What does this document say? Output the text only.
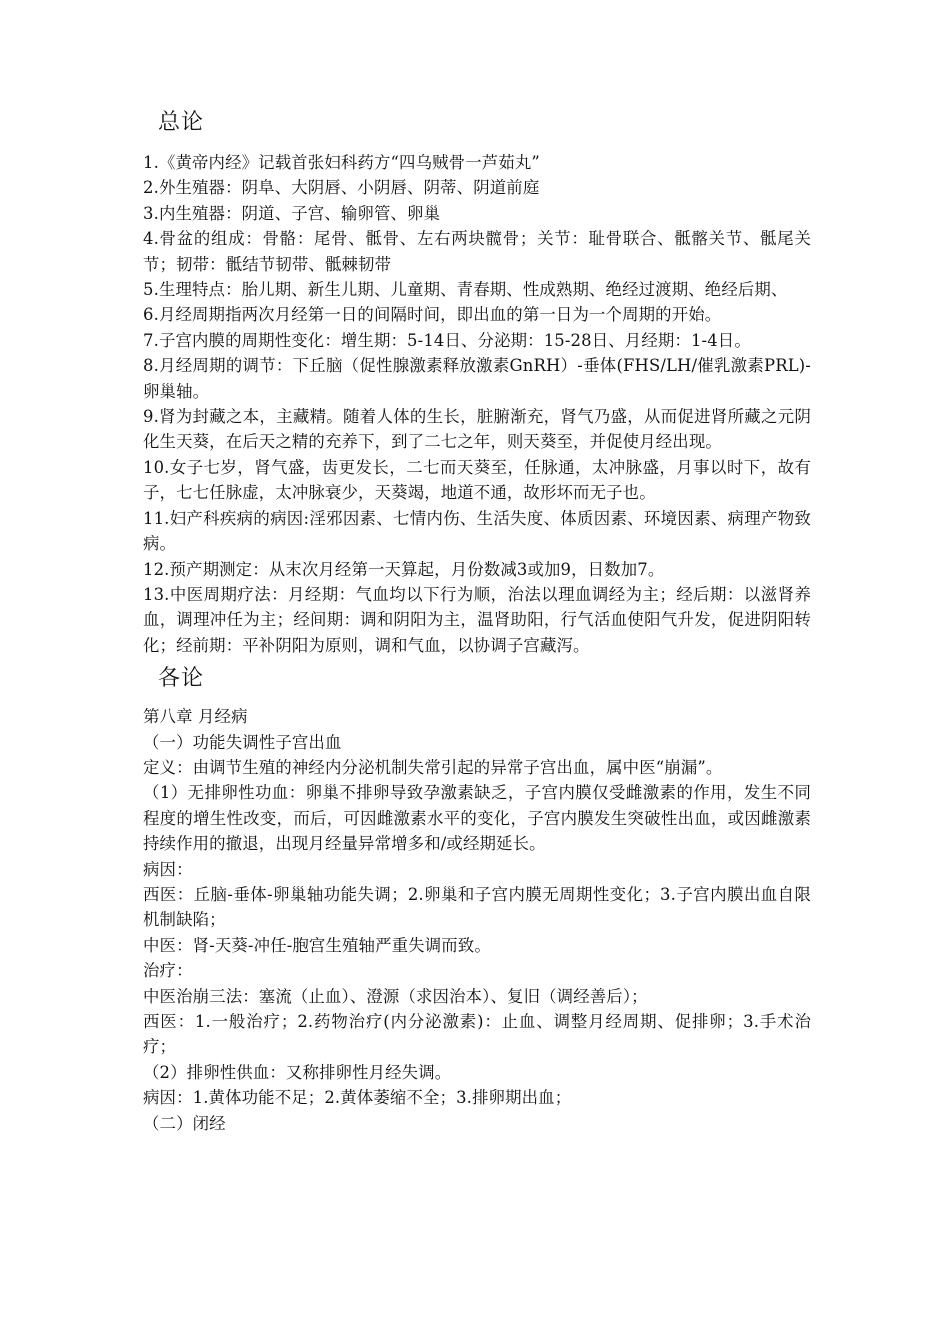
总论

1.《黄帝内经》记载首张妇科药方“四乌贼骨一芦茹丸”

2.外生殖器：阴阜、大阴唇、小阴唇、阴蒂、阴道前庭

3.内生殖器：阴道、子宫、输卵管、卵巢

4.骨盆的组成：骨骼：尾骨、骶骨、左右两块髋骨；关节：耻骨联合、骶髂关节、骶尾关节；韧带：骶结节韧带、骶棘韧带

5.生理特点：胎儿期、新生儿期、儿童期、青春期、性成熟期、绝经过渡期、绝经后期、

6.月经周期指两次月经第一日的间隔时间，即出血的第一日为一个周期的开始。

7.子宫内膜的周期性变化：增生期：5-14日、分泌期：15-28日、月经期：1-4日。

8.月经周期的调节：下丘脑（促性腺激素释放激素GnRH）-垂体(FHS/LH/催乳激素PRL)-卵巢轴。

9.肾为封藏之本，主藏精。随着人体的生长，脏腑渐充，肾气乃盛，从而促进肾所藏之元阴化生天葵，在后天之精的充养下，到了二七之年，则天葵至，并促使月经出现。

10.女子七岁，肾气盛，齿更发长，二七而天葵至，任脉通，太冲脉盛，月事以时下，故有子，七七任脉虚，太冲脉衰少，天葵竭，地道不通，故形坏而无子也。

11.妇产科疾病的病因:淫邪因素、七情内伤、生活失度、体质因素、环境因素、病理产物致病。

12.预产期测定：从末次月经第一天算起，月份数减3或加9，日数加7。

13.中医周期疗法：月经期：气血均以下行为顺，治法以理血调经为主；经后期：以滋肾养血，调理冲任为主；经间期：调和阴阳为主，温肾助阳，行气活血使阳气升发，促进阴阳转化；经前期：平补阴阳为原则，调和气血，以协调子宫藏泻。

各论

第八章 月经病

（一）功能失调性子宫出血

定义：由调节生殖的神经内分泌机制失常引起的异常子宫出血，属中医“崩漏”。

（1）无排卵性功血：卵巢不排卵导致孕激素缺乏，子宫内膜仅受雌激素的作用，发生不同程度的增生性改变，而后，可因雌激素水平的变化，子宫内膜发生突破性出血，或因雌激素持续作用的撤退，出现月经量异常增多和/或经期延长。

病因：

西医：丘脑-垂体-卵巢轴功能失调；2.卵巢和子宫内膜无周期性变化；3.子宫内膜出血自限机制缺陷；

中医：肾-天葵-冲任-胞宫生殖轴严重失调而致。

治疗：

中医治崩三法：塞流（止血）、澄源（求因治本）、复旧（调经善后）；

西医：1.一般治疗；2.药物治疗(内分泌激素)：止血、调整月经周期、促排卵；3.手术治疗；

（2）排卵性供血：又称排卵性月经失调。

病因：1.黄体功能不足；2.黄体萎缩不全；3.排卵期出血；

（二）闭经
